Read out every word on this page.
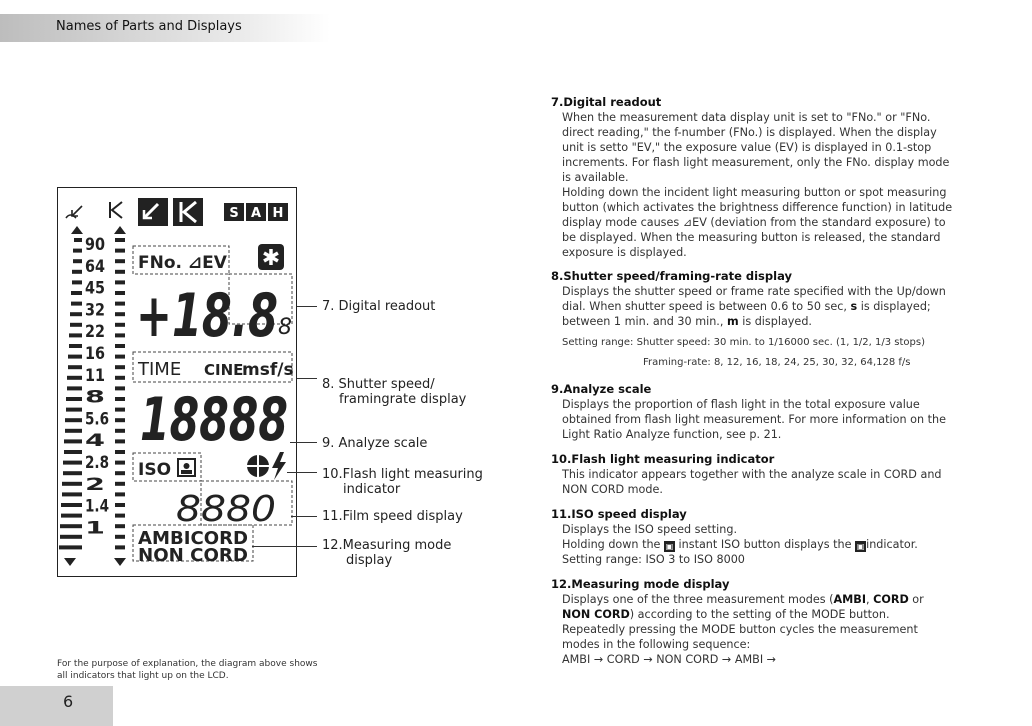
Names of Parts and Displays
S A H
90
64
45
32
22
16
11
8
5.6
4
2.8
2
1.4
1
FNo. ⊿EV ✱
+18.8 8
TIME CINE
msf/s
18888
ISO
8880
AMBICORD
NON CORD
7. Digital readout
8. Shutter speed/
framingrate display
9. Analyze scale
10.Flash light measuring
indicator
11.Film speed display
12.Measuring mode
display
For the purpose of explanation, the diagram above shows
all indicators that light up on the LCD.
6
7.Digital readout

When the measurement data display unit is set to "FNo." or "FNo.

direct reading," the f-number (FNo.) is displayed. When the display

unit is setto "EV," the exposure value (EV) is displayed in 0.1-stop

increments. For flash light measurement, only the FNo. display mode

is available.

Holding down the incident light measuring button or spot measuring

button (which activates the brightness difference function) in latitude

display mode causes ⊿EV (deviation from the standard exposure) to

be displayed. When the measuring button is released, the standard

exposure is displayed.

8.Shutter speed/framing-rate display

Displays the shutter speed or frame rate specified with the Up/down

dial. When shutter speed is between 0.6 to 50 sec, s is displayed;

between 1 min. and 30 min., m is displayed.

Setting range: Shutter speed: 30 min. to 1/16000 sec. (1, 1/2, 1/3 stops)
Framing-rate: 8, 12, 16, 18, 24, 25, 30, 32, 64,128 f/s
9.Analyze scale

Displays the proportion of flash light in the total exposure value

obtained from flash light measurement. For more information on the

Light Ratio Analyze function, see p. 21.

10.Flash light measuring indicator

This indicator appears together with the analyze scale in CORD and

NON CORD mode.

11.ISO speed display

Displays the ISO speed setting.

Holding down the ▣ instant ISO button displays the ▣ indicator.

Setting range: ISO 3 to ISO 8000

12.Measuring mode display

Displays one of the three measurement modes (AMBI, CORD or

NON CORD) according to the setting of the MODE button.

Repeatedly pressing the MODE button cycles the measurement

modes in the following sequence:

AMBI → CORD → NON CORD → AMBI →
